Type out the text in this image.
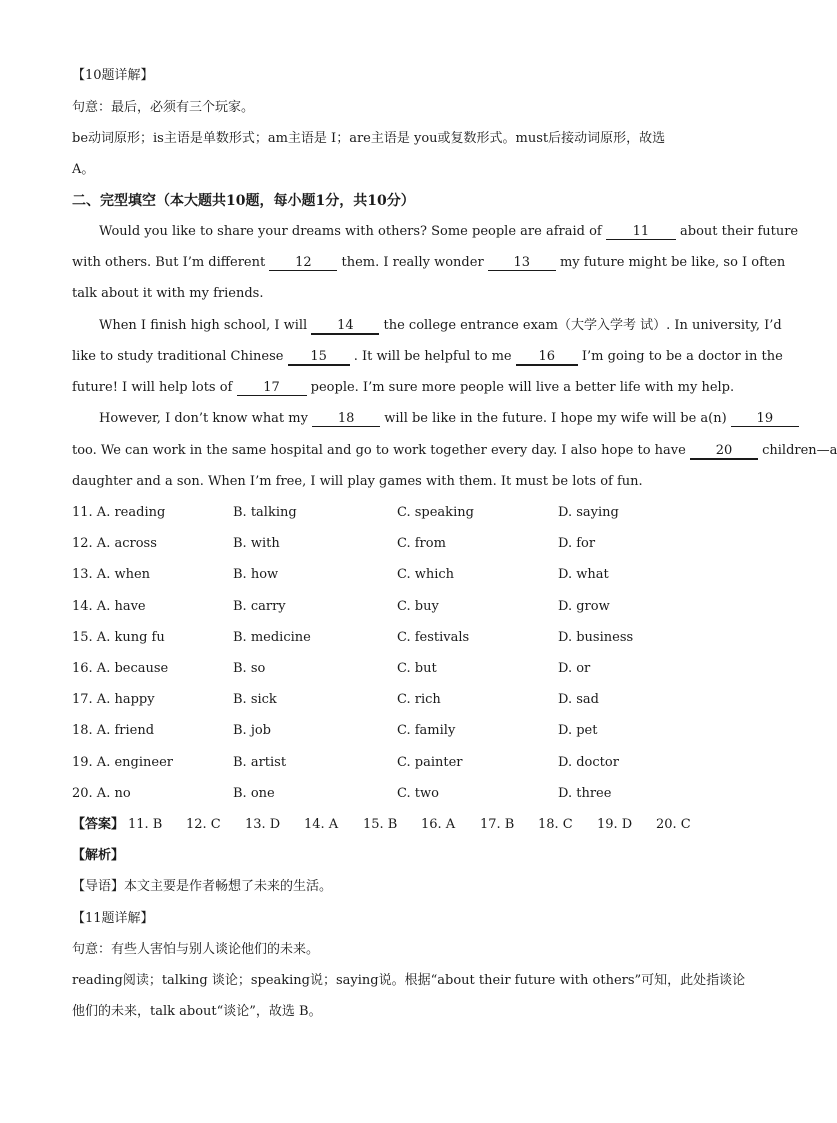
【10题详解】
句意：最后，必须有三个玩家。
be动词原形；is主语是单数形式；am主语是 I；are主语是 you或复数形式。must后接动词原形，故选
A。
二、完型填空（本大题共10题，每小题1分，共10分）
Would you like to share your dreams with others? Some people are afraid of 11 about their future
with others. But I’m different 12 them. I really wonder 13 my future might be like, so I often
talk about it with my friends.
When I finish high school, I will 14 the college entrance exam（大学入学考 试）. In university, I’d
like to study traditional Chinese 15 . It will be helpful to me 16 I’m going to be a doctor in the
future! I will help lots of 17 people. I’m sure more people will live a better life with my help.
However, I don’t know what my 18 will be like in the future. I hope my wife will be a(n) 19
too. We can work in the same hospital and go to work together every day. I also hope to have 20 children—a
daughter and a son. When I’m free, I will play games with them. It must be lots of fun.
11. A. reading	B. talking	C. speaking	D. saying
12. A. across	B. with	C. from	D. for
13. A. when	B. how	C. which	D. what
14. A. have	B. carry	C. buy	D. grow
15. A. kung fu	B. medicine	C. festivals	D. business
16. A. because	B. so	C. but	D. or
17. A. happy	B. sick	C. rich	D. sad
18. A. friend	B. job	C. family	D. pet
19. A. engineer	B. artist	C. painter	D. doctor
20. A. no	B. one	C. two	D. three
【答案】 11. B 12. C 13. D 14. A 15. B 16. A 17. B 18. C 19. D 20. C
【解析】
【导语】本文主要是作者畅想了未来的生活。
【11题详解】
句意：有些人害怕与别人谈论他们的未来。
reading阅读；talking 谈论；speaking说；saying说。根据“about their future with others”可知，此处指谈论
他们的未来，talk about“谈论”，故选 B。
